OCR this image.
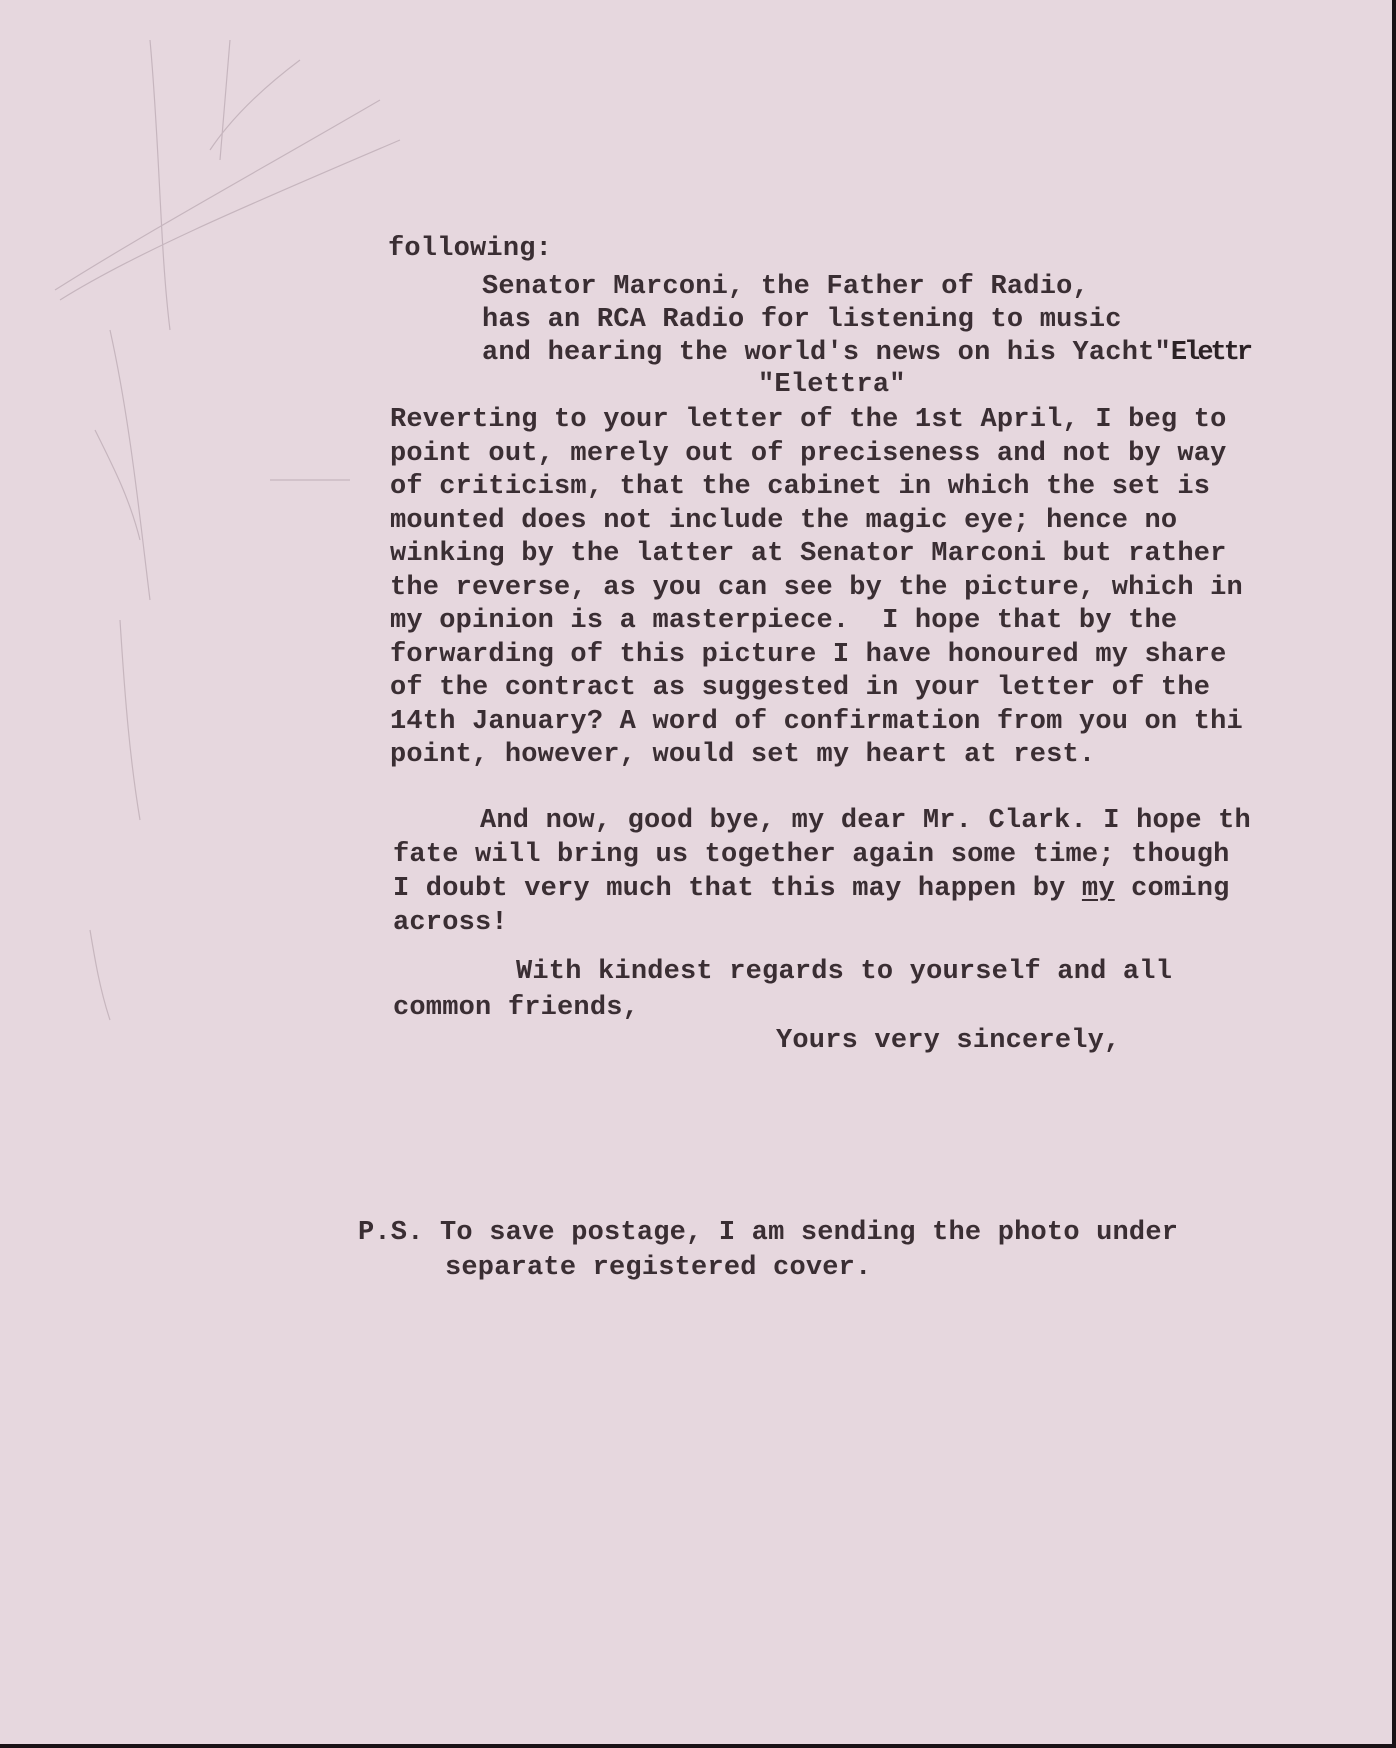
following:
Senator Marconi, the Father of Radio,
has an RCA Radio for listening to music
and hearing the world's news on his Yacht"Elettr
"Elettra"
Reverting to your letter of the 1st April, I beg to
point out, merely out of preciseness and not by way
of criticism, that the cabinet in which the set is
mounted does not include the magic eye; hence no
winking by the latter at Senator Marconi but rather
the reverse, as you can see by the picture, which in
my opinion is a masterpiece.  I hope that by the
forwarding of this picture I have honoured my share
of the contract as suggested in your letter of the
14th January? A word of confirmation from you on thi
point, however, would set my heart at rest.
And now, good bye, my dear Mr. Clark. I hope th
fate will bring us together again some time; though
I doubt very much that this may happen by my coming
across!
With kindest regards to yourself and all
common friends,
Yours very sincerely,
P.S. To save postage, I am sending the photo under
separate registered cover.
